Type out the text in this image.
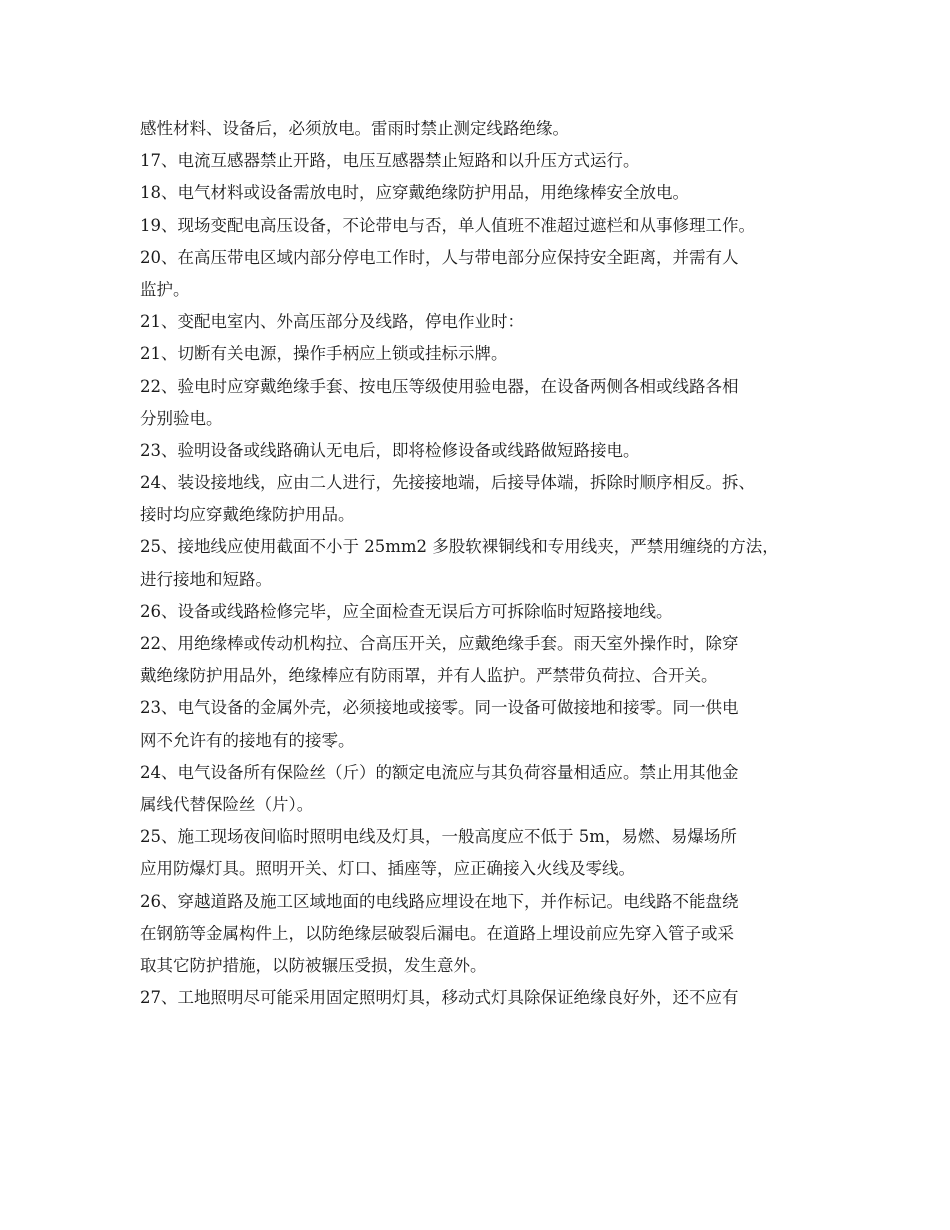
感性材料、设备后，必须放电。雷雨时禁止测定线路绝缘。
17、电流互感器禁止开路，电压互感器禁止短路和以升压方式运行。
18、电气材料或设备需放电时，应穿戴绝缘防护用品，用绝缘棒安全放电。
19、现场变配电高压设备，不论带电与否，单人值班不准超过遮栏和从事修理工作。
20、在高压带电区域内部分停电工作时，人与带电部分应保持安全距离，并需有人
监护。
21、变配电室内、外高压部分及线路，停电作业时：
21、切断有关电源，操作手柄应上锁或挂标示牌。
22、验电时应穿戴绝缘手套、按电压等级使用验电器，在设备两侧各相或线路各相
分别验电。
23、验明设备或线路确认无电后，即将检修设备或线路做短路接电。
24、装设接地线，应由二人进行，先接接地端，后接导体端，拆除时顺序相反。拆、
接时均应穿戴绝缘防护用品。
25、接地线应使用截面不小于 25mm2 多股软裸铜线和专用线夹，严禁用缠绕的方法，
进行接地和短路。
26、设备或线路检修完毕，应全面检查无误后方可拆除临时短路接地线。
22、用绝缘棒或传动机构拉、合高压开关，应戴绝缘手套。雨天室外操作时，除穿
戴绝缘防护用品外，绝缘棒应有防雨罩，并有人监护。严禁带负荷拉、合开关。
23、电气设备的金属外壳，必须接地或接零。同一设备可做接地和接零。同一供电
网不允许有的接地有的接零。
24、电气设备所有保险丝（斤）的额定电流应与其负荷容量相适应。禁止用其他金
属线代替保险丝（片）。
25、施工现场夜间临时照明电线及灯具，一般高度应不低于 5m，易燃、易爆场所
应用防爆灯具。照明开关、灯口、插座等，应正确接入火线及零线。
26、穿越道路及施工区域地面的电线路应埋设在地下，并作标记。电线路不能盘绕
在钢筋等金属构件上，以防绝缘层破裂后漏电。在道路上埋设前应先穿入管子或采
取其它防护措施，以防被辗压受损，发生意外。
27、工地照明尽可能采用固定照明灯具，移动式灯具除保证绝缘良好外，还不应有
